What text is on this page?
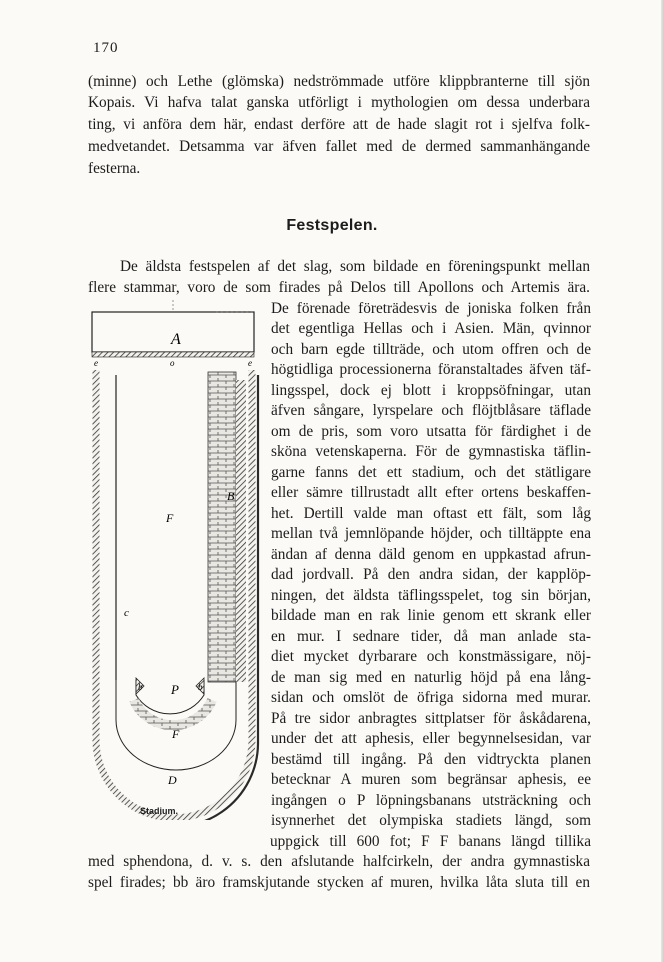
170
(minne) och Lethe (glömska) nedströmmade utföre klippbranterne till sjön
Kopais. Vi hafva talat ganska utförligt i mythologien om dessa underbara
ting, vi anföra dem här, endast derföre att de hade slagit rot i sjelfva folk-
medvetandet. Detsamma var äfven fallet med de dermed sammanhängande
festerna.
Festspelen.
De äldsta festspelen af det slag, som bildade en föreningspunkt mellan
flere stammar, voro de som firades på Delos till Apollons och Artemis ära.
De förenade företrädesvis de joniska folken från
det egentliga Hellas och i Asien. Män, qvinnor
och barn egde tillträde, och utom offren och de
högtidliga processionerna föranstaltades äfven täf-
lingsspel, dock ej blott i kroppsöfningar, utan
äfven sångare, lyrspelare och flöjtblåsare täflade
om de pris, som voro utsatta för färdighet i de
sköna vetenskaperna. För de gymnastiska täflin-
garne fanns det ett stadium, och det stätligare
eller sämre tillrustadt allt efter ortens beskaffen-
het. Dertill valde man oftast ett fält, som låg
mellan två jemnlöpande höjder, och tilltäppte ena
ändan af denna däld genom en uppkastad afrun-
dad jordvall. På den andra sidan, der kapplöp-
ningen, det äldsta täflingsspelet, tog sin början,
bildade man en rak linie genom ett skrank eller
en mur. I sednare tider, då man anlade sta-
diet mycket dyrbarare och konstmässigare, nöj-
de man sig med en naturlig höjd på ena lång-
sidan och omslöt de öfriga sidorna med murar.
På tre sidor anbragtes sittplatser för åskådarena,
under det att aphesis, eller begynnelsesidan, var
bestämd till ingång. På den vidtryckta planen
betecknar A muren som begränsar aphesis, ee
ingången o P löpningsbanans utsträckning och
isynnerhet det olympiska stadiets längd, som
uppgick till 600 fot; F F banans längd tillika
med sphendona, d. v. s. den afslutande halfcirkeln, der andra gymnastiska
spel firades; bb äro framskjutande stycken af muren, hvilka låta sluta till en
A
e	o	e
B
F
c
b P b
F
D
Stadium.
